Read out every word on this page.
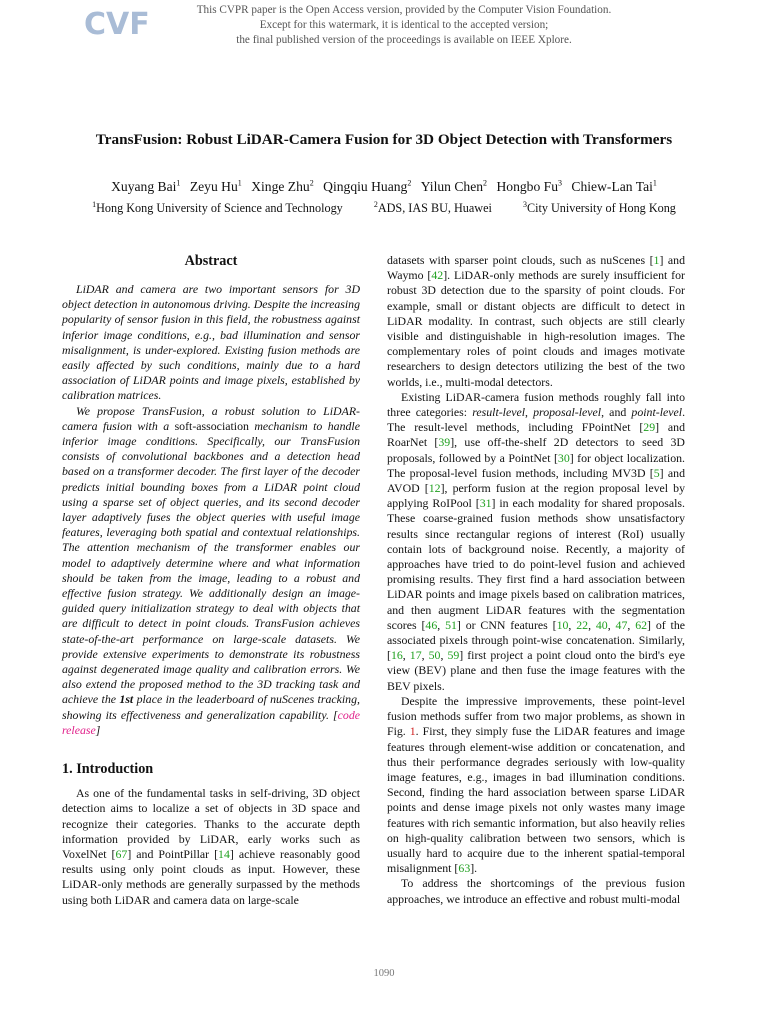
CVF	This CVPR paper is the Open Access version, provided by the Computer Vision Foundation.
Except for this watermark, it is identical to the accepted version;
the final published version of the proceedings is available on IEEE Xplore.
TransFusion: Robust LiDAR-Camera Fusion for 3D Object Detection with Transformers
Xuyang Bai$^1$ Zeyu Hu$^1$ Xinge Zhu$^2$ Qingqiu Huang$^2$ Yilun Chen$^2$ Hongbo Fu$^3$ Chiew-Lan Tai$^1$
$^1$Hong Kong University of Science and Technology	$^2$ADS, IAS BU, Huawei	$^3$City University of Hong Kong
Abstract

LiDAR and camera are two important sensors for 3D object detection in autonomous driving. Despite the increasing popularity of sensor fusion in this field, the robustness against inferior image conditions, e.g., bad illumination and sensor misalignment, is under-explored. Existing fusion methods are easily affected by such conditions, mainly due to a hard association of LiDAR points and image pixels, established by calibration matrices.

We propose TransFusion, a robust solution to LiDAR-camera fusion with a soft-association mechanism to handle inferior image conditions. Specifically, our TransFusion consists of convolutional backbones and a detection head based on a transformer decoder. The first layer of the decoder predicts initial bounding boxes from a LiDAR point cloud using a sparse set of object queries, and its second decoder layer adaptively fuses the object queries with useful image features, leveraging both spatial and contextual relationships. The attention mechanism of the transformer enables our model to adaptively determine where and what information should be taken from the image, leading to a robust and effective fusion strategy. We additionally design an image-guided query initialization strategy to deal with objects that are difficult to detect in point clouds. TransFusion achieves state-of-the-art performance on large-scale datasets. We provide extensive experiments to demonstrate its robustness against degenerated image quality and calibration errors. We also extend the proposed method to the 3D tracking task and achieve the 1st place in the leaderboard of nuScenes tracking, showing its effectiveness and generalization capability. [code release]

1. Introduction

As one of the fundamental tasks in self-driving, 3D object detection aims to localize a set of objects in 3D space and recognize their categories. Thanks to the accurate depth information provided by LiDAR, early works such as VoxelNet [67] and PointPillar [14] achieve reasonably good results using only point clouds as input. However, these LiDAR-only methods are generally surpassed by the methods using both LiDAR and camera data on large-scale

datasets with sparser point clouds, such as nuScenes [1] and Waymo [42]. LiDAR-only methods are surely insufficient for robust 3D detection due to the sparsity of point clouds. For example, small or distant objects are difficult to detect in LiDAR modality. In contrast, such objects are still clearly visible and distinguishable in high-resolution images. The complementary roles of point clouds and images motivate researchers to design detectors utilizing the best of the two worlds, i.e., multi-modal detectors.

Existing LiDAR-camera fusion methods roughly fall into three categories: result-level, proposal-level, and point-level. The result-level methods, including FPointNet [29] and RoarNet [39], use off-the-shelf 2D detectors to seed 3D proposals, followed by a PointNet [30] for object localization. The proposal-level fusion methods, including MV3D [5] and AVOD [12], perform fusion at the region proposal level by applying RoIPool [31] in each modality for shared proposals. These coarse-grained fusion methods show unsatisfactory results since rectangular regions of interest (RoI) usually contain lots of background noise. Recently, a majority of approaches have tried to do point-level fusion and achieved promising results. They first find a hard association between LiDAR points and image pixels based on calibration matrices, and then augment LiDAR features with the segmentation scores [46, 51] or CNN features [10, 22, 40, 47, 62] of the associated pixels through point-wise concatenation. Similarly, [16, 17, 50, 59] first project a point cloud onto the bird's eye view (BEV) plane and then fuse the image features with the BEV pixels.

Despite the impressive improvements, these point-level fusion methods suffer from two major problems, as shown in Fig. 1. First, they simply fuse the LiDAR features and image features through element-wise addition or concatenation, and thus their performance degrades seriously with low-quality image features, e.g., images in bad illumination conditions. Second, finding the hard association between sparse LiDAR points and dense image pixels not only wastes many image features with rich semantic information, but also heavily relies on high-quality calibration between two sensors, which is usually hard to acquire due to the inherent spatial-temporal misalignment [63].

To address the shortcomings of the previous fusion approaches, we introduce an effective and robust multi-modal

1090
